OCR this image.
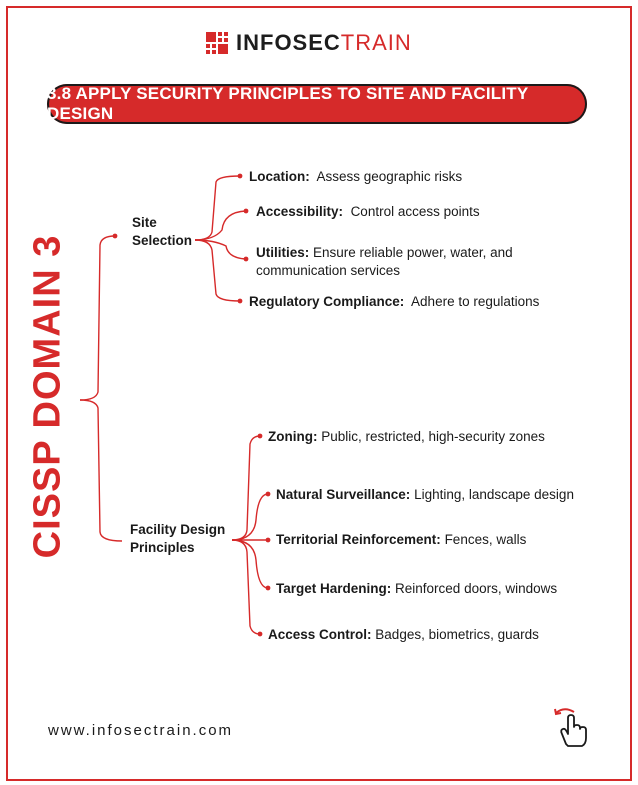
INFOSECTRAIN
3.8 APPLY SECURITY PRINCIPLES TO SITE AND FACILITY DESIGN
CISSP DOMAIN 3
Site
Selection
Location: Assess geographic risks
Accessibility: Control access points
Utilities: Ensure reliable power, water, and
communication services
Regulatory Compliance: Adhere to regulations
Facility Design
Principles
Zoning: Public, restricted, high-security zones
Natural Surveillance: Lighting, landscape design
Territorial Reinforcement: Fences, walls
Target Hardening: Reinforced doors, windows
Access Control: Badges, biometrics, guards
www.infosectrain.com
